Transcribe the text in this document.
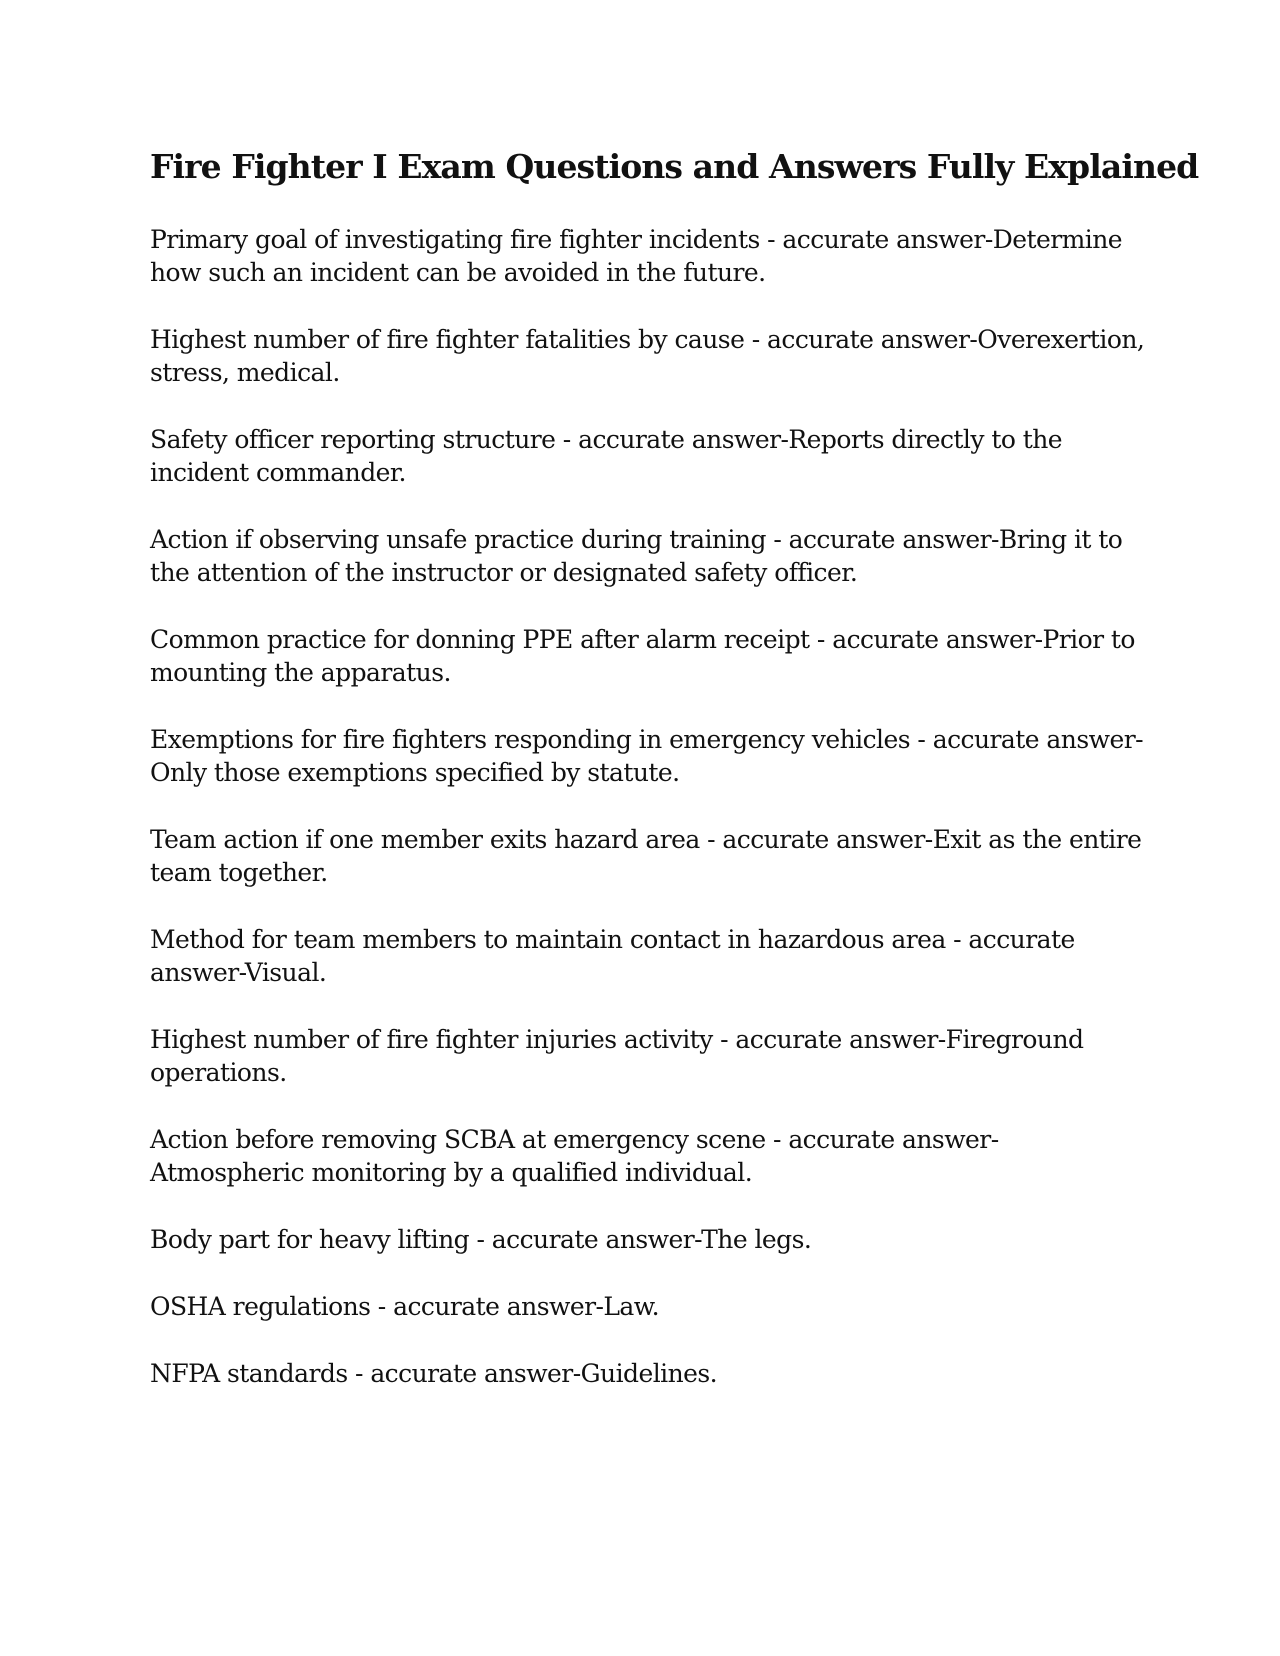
Fire Fighter I Exam Questions and Answers Fully Explained

Primary goal of investigating fire fighter incidents - accurate answer-Determine how such an incident can be avoided in the future.

Highest number of fire fighter fatalities by cause - accurate answer-Overexertion, stress, medical.

Safety officer reporting structure - accurate answer-Reports directly to the incident commander.

Action if observing unsafe practice during training - accurate answer-Bring it to the attention of the instructor or designated safety officer.

Common practice for donning PPE after alarm receipt - accurate answer-Prior to mounting the apparatus.

Exemptions for fire fighters responding in emergency vehicles - accurate answer-Only those exemptions specified by statute.

Team action if one member exits hazard area - accurate answer-Exit as the entire team together.

Method for team members to maintain contact in hazardous area - accurate answer-Visual.

Highest number of fire fighter injuries activity - accurate answer-Fireground operations.

Action before removing SCBA at emergency scene - accurate answer-Atmospheric monitoring by a qualified individual.

Body part for heavy lifting - accurate answer-The legs.

OSHA regulations - accurate answer-Law.

NFPA standards - accurate answer-Guidelines.
